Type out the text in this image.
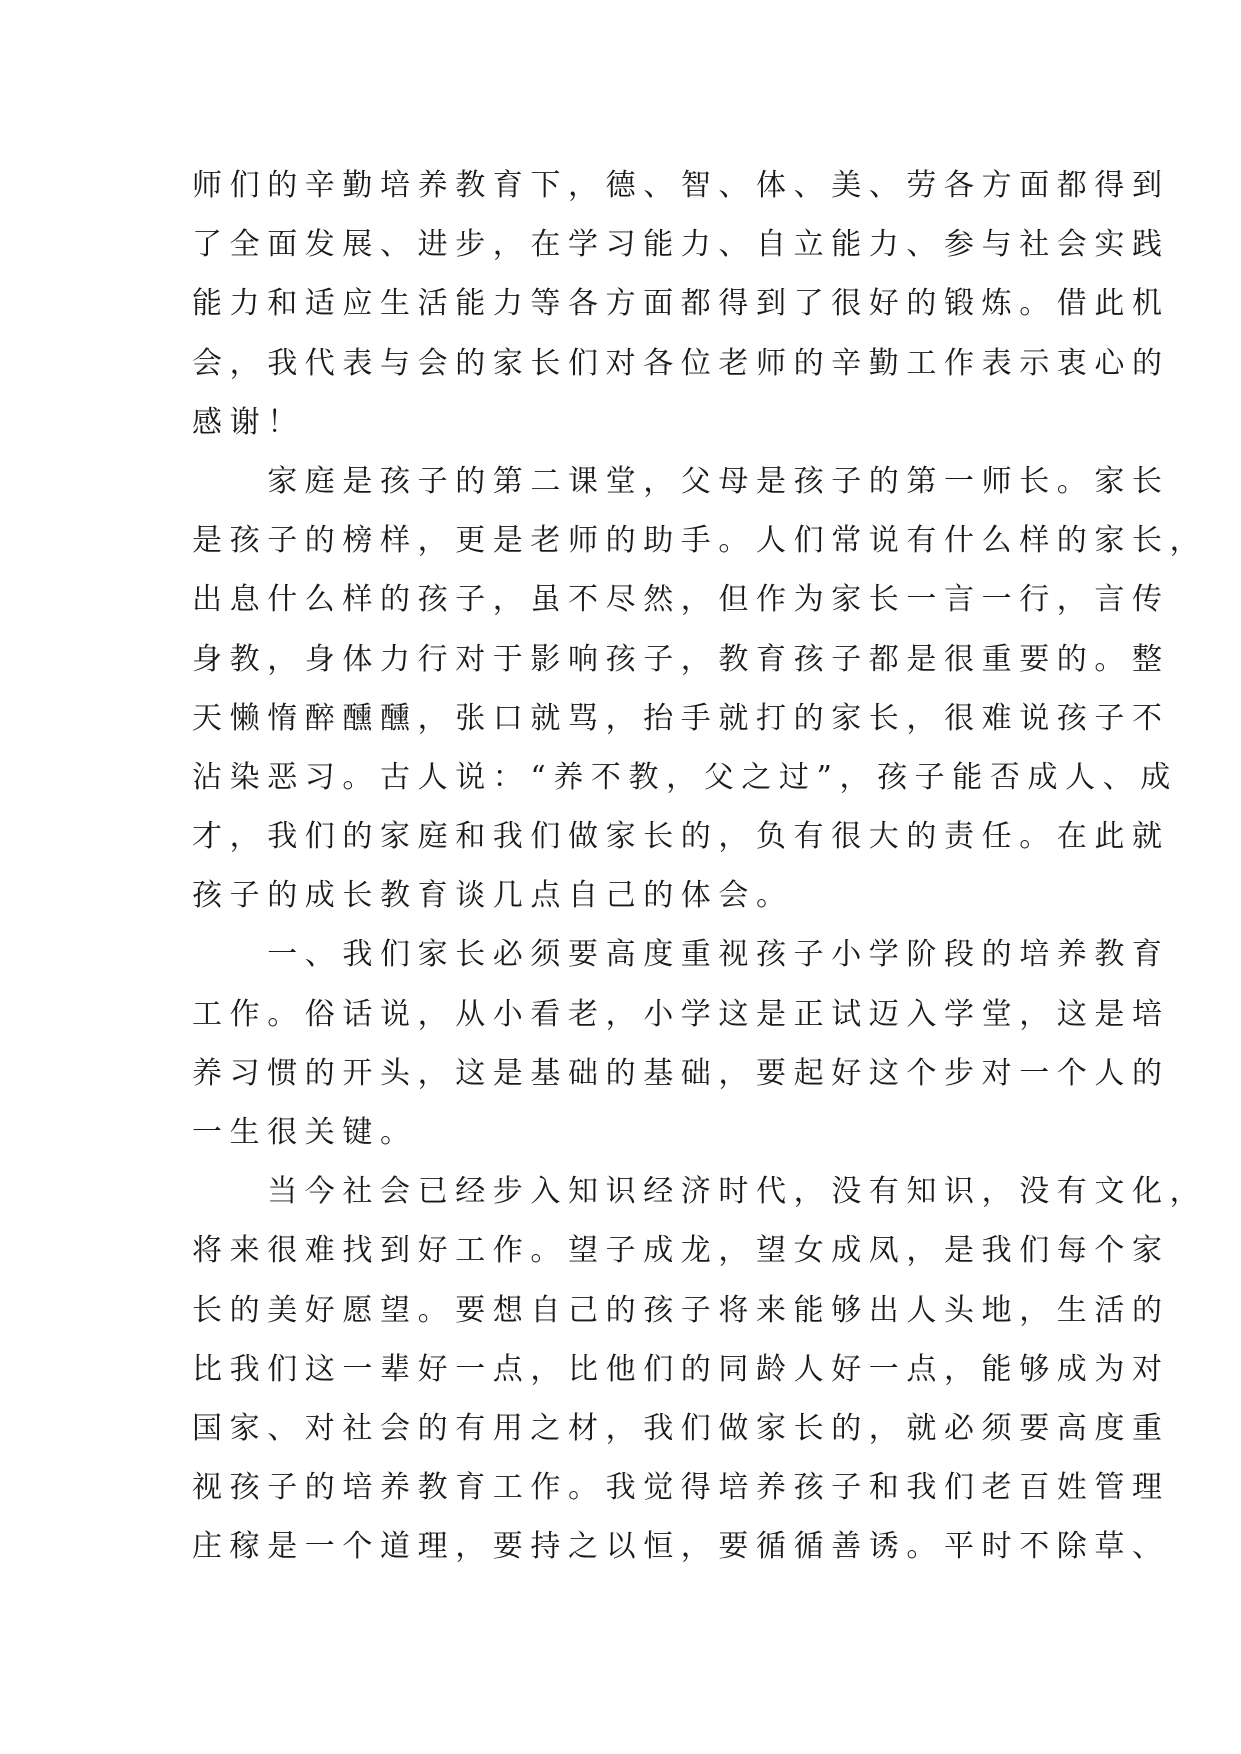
师们的辛勤培养教育下，德、智、体、美、劳各方面都得到
了全面发展、进步，在学习能力、自立能力、参与社会实践
能力和适应生活能力等各方面都得到了很好的锻炼。借此机
会，我代表与会的家长们对各位老师的辛勤工作表示衷心的
感谢！
　　家庭是孩子的第二课堂，父母是孩子的第一师长。家长
是孩子的榜样，更是老师的助手。人们常说有什么样的家长，
出息什么样的孩子，虽不尽然，但作为家长一言一行，言传
身教，身体力行对于影响孩子，教育孩子都是很重要的。整
天懒惰醉醺醺，张口就骂，抬手就打的家长，很难说孩子不
沾染恶习。古人说：“养不教，父之过”，孩子能否成人、成
才，我们的家庭和我们做家长的，负有很大的责任。在此就
孩子的成长教育谈几点自己的体会。
　　一、我们家长必须要高度重视孩子小学阶段的培养教育
工作。俗话说，从小看老，小学这是正试迈入学堂，这是培
养习惯的开头，这是基础的基础，要起好这个步对一个人的
一生很关键。
　　当今社会已经步入知识经济时代，没有知识，没有文化，
将来很难找到好工作。望子成龙，望女成凤，是我们每个家
长的美好愿望。要想自己的孩子将来能够出人头地，生活的
比我们这一辈好一点，比他们的同龄人好一点，能够成为对
国家、对社会的有用之材，我们做家长的，就必须要高度重
视孩子的培养教育工作。我觉得培养孩子和我们老百姓管理
庄稼是一个道理，要持之以恒，要循循善诱。平时不除草、
